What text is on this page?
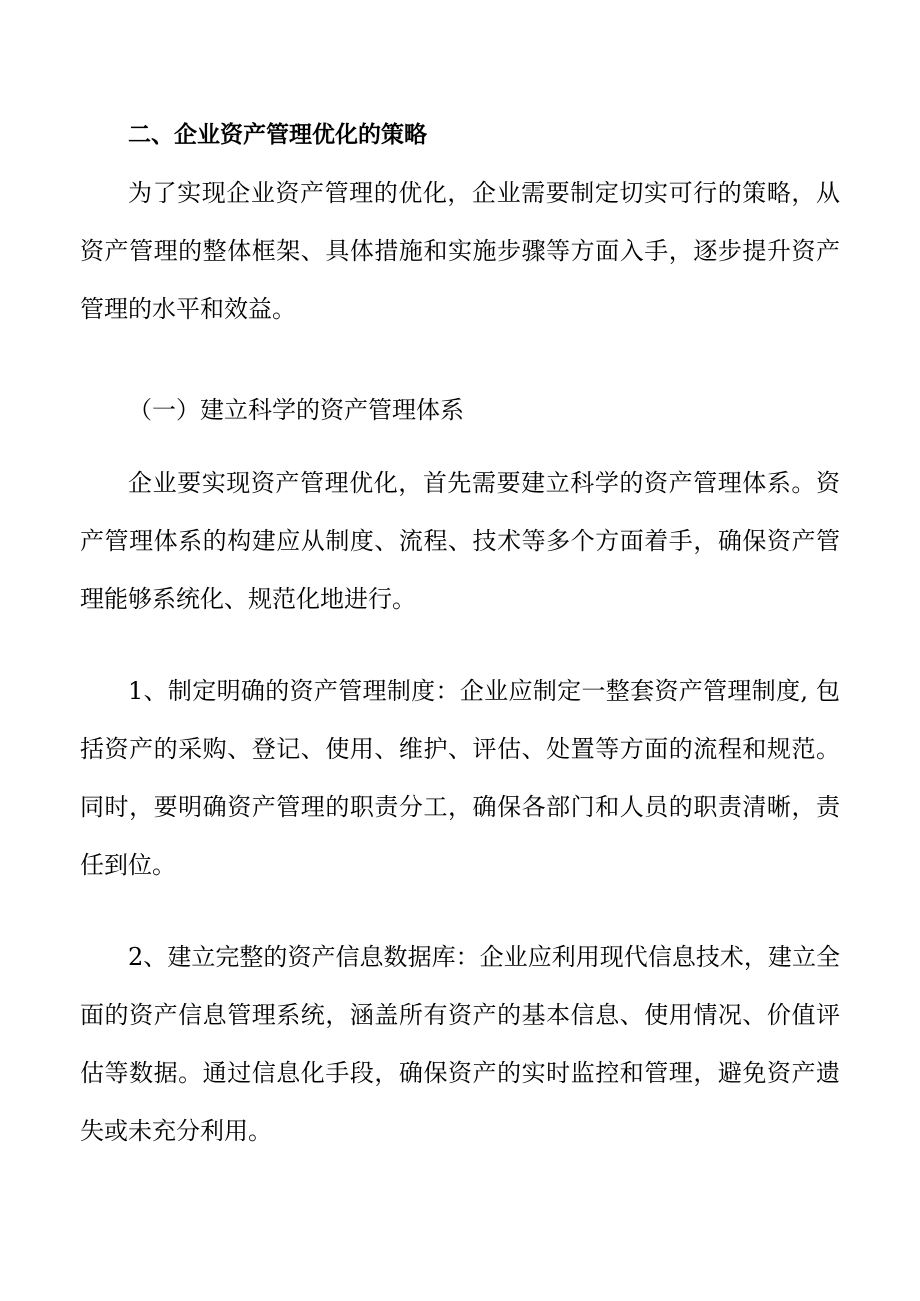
二、企业资产管理优化的策略

为了实现企业资产管理的优化，企业需要制定切实可行的策略，从资产管理的整体框架、具体措施和实施步骤等方面入手，逐步提升资产管理的水平和效益。

（一）建立科学的资产管理体系

企业要实现资产管理优化，首先需要建立科学的资产管理体系。资产管理体系的构建应从制度、流程、技术等多个方面着手，确保资产管理能够系统化、规范化地进行。

1、制定明确的资产管理制度：企业应制定一整套资产管理制度, 包括资产的采购、登记、使用、维护、评估、处置等方面的流程和规范。同时，要明确资产管理的职责分工，确保各部门和人员的职责清晰，责任到位。

2、建立完整的资产信息数据库：企业应利用现代信息技术，建立全面的资产信息管理系统，涵盖所有资产的基本信息、使用情况、价值评估等数据。通过信息化手段，确保资产的实时监控和管理，避免资产遗失或未充分利用。
